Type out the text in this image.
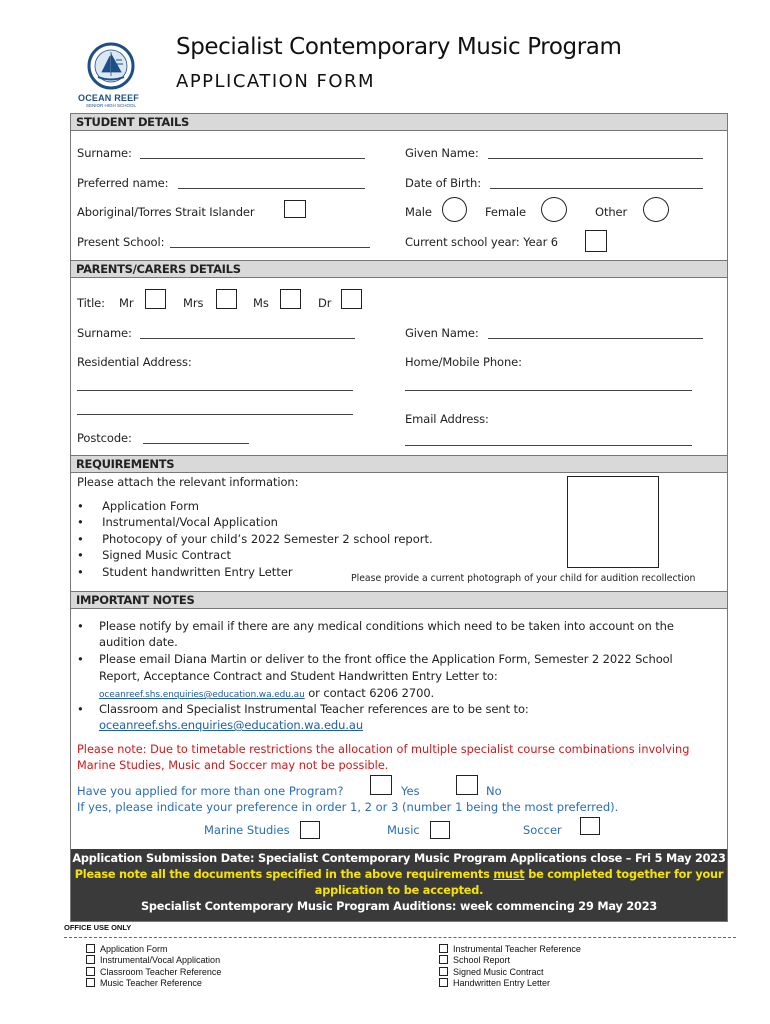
OCEAN REEF
SENIOR HIGH SCHOOL
Specialist Contemporary Music Program
APPLICATION FORM
STUDENT DETAILS
Surname:	Given Name:
Preferred name:	Date of Birth:
Aboriginal/Torres Strait Islander	Male	Female	Other
Present School:	Current school year: Year 6
PARENTS/CARERS DETAILS
Title: Mr	Mrs	Ms	Dr
Surname:	Given Name:
Residential Address:	Home/Mobile Phone:
Email Address:
Postcode:
REQUIREMENTS
Please attach the relevant information:
•     Application Form
•     Instrumental/Vocal Application
•     Photocopy of your child’s 2022 Semester 2 school report.
•     Signed Music Contract
•     Student handwritten Entry Letter	Please provide a current photograph of your child for audition recollection
IMPORTANT NOTES
• Please notify by email if there are any medical conditions which need to be taken into account on the
audition date.
• Please email Diana Martin or deliver to the front office the Application Form, Semester 2 2022 School
Report, Acceptance Contract and Student Handwritten Entry Letter to:
oceanreef.shs.enquiries@education.wa.edu.au or contact 6206 2700.
• Classroom and Specialist Instrumental Teacher references are to be sent to:
oceanreef.shs.enquiries@education.wa.edu.au
Please note: Due to timetable restrictions the allocation of multiple specialist course combinations involving
Marine Studies, Music and Soccer may not be possible.
Have you applied for more than one Program?	Yes	No
If yes, please indicate your preference in order 1, 2 or 3 (number 1 being the most preferred).
Marine Studies	Music	Soccer
Application Submission Date: Specialist Contemporary Music Program Applications close – Fri 5 May 2023
Please note all the documents specified in the above requirements must be completed together for your
application to be accepted.
Specialist Contemporary Music Program Auditions: week commencing 29 May 2023
OFFICE USE ONLY
Application Form
Instrumental/Vocal Application
Classroom Teacher Reference
Music Teacher Reference
Instrumental Teacher Reference
School Report
Signed Music Contract
Handwritten Entry Letter
